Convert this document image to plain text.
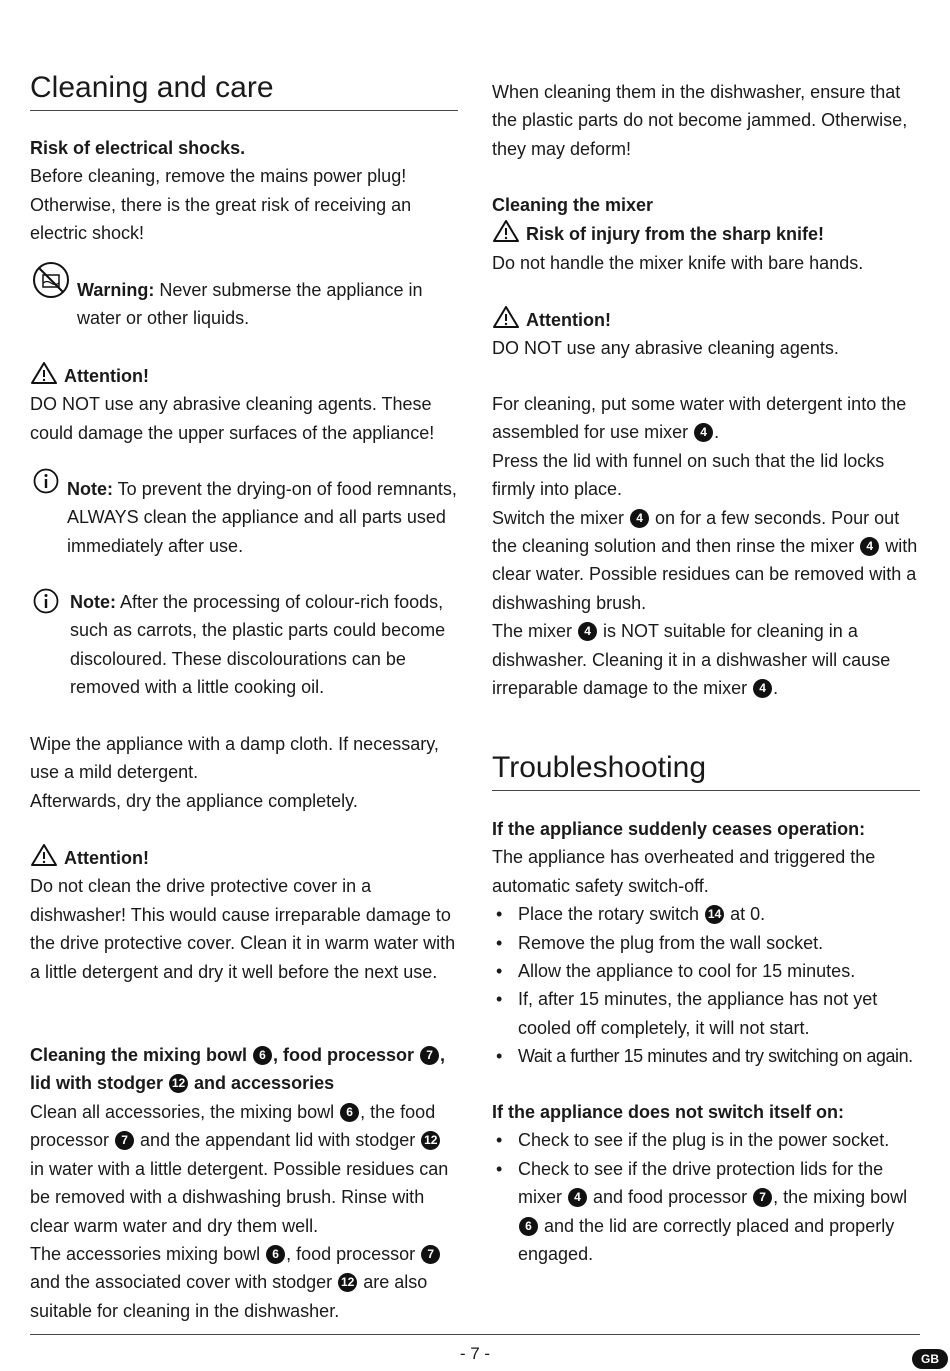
Cleaning and care

Risk of electrical shocks.
Before cleaning, remove the mains power plug! Otherwise, there is the great risk of receiving an electric shock!

Warning: Never submerse the appliance in water or other liquids.

Attention!
DO NOT use any abrasive cleaning agents. These could damage the upper surfaces of the appliance!

Note: To prevent the drying-on of food remnants, ALWAYS clean the appliance and all parts used immediately after use.

Note: After the processing of colour-rich foods, such as carrots, the plastic parts could become discoloured. These discolourations can be removed with a little cooking oil.

Wipe the appliance with a damp cloth. If necessary, use a mild detergent.
Afterwards, dry the appliance completely.

Attention!
Do not clean the drive protective cover in a dishwasher! This would cause irreparable damage to the drive protective cover. Clean it in warm water with a little detergent and dry it well before the next use.

Cleaning the mixing bowl 6 , food processor 7 , lid with stodger 12 and accessories

Clean all accessories, the mixing bowl 6 , the food processor 7 and the appendant lid with stodger 12 in water with a little detergent. Possible residues can be removed with a dishwashing brush. Rinse with clear warm water and dry them well.

The accessories mixing bowl 6 , food processor 7 and the associated cover with stodger 12 are also suitable for cleaning in the dishwasher.

When cleaning them in the dishwasher, ensure that the plastic parts do not become jammed. Otherwise, they may deform!

Cleaning the mixer
Risk of injury from the sharp knife!
Do not handle the mixer knife with bare hands.

Attention!
DO NOT use any abrasive cleaning agents.

For cleaning, put some water with detergent into the assembled for use mixer 4 .
Press the lid with funnel on such that the lid locks firmly into place.
Switch the mixer 4 on for a few seconds. Pour out the cleaning solution and then rinse the mixer 4 with clear water. Possible residues can be removed with a dishwashing brush.
The mixer 4 is NOT suitable for cleaning in a dishwasher. Cleaning it in a dishwasher will cause irreparable damage to the mixer 4 .
Troubleshooting
If the appliance suddenly ceases operation:
The appliance has overheated and triggered the automatic safety switch-off.
• Place the rotary switch 14 at 0.
• Remove the plug from the wall socket.
• Allow the appliance to cool for 15 minutes.
• If, after 15 minutes, the appliance has not yet cooled off completely, it will not start.
• Wait a further 15 minutes and try switching on again.
If the appliance does not switch itself on:
• Check to see if the plug is in the power socket.
• Check to see if the drive protection lids for the mixer 4 and food processor 7 , the mixing bowl 6 and the lid are correctly placed and properly engaged.
- 7 -	GB
